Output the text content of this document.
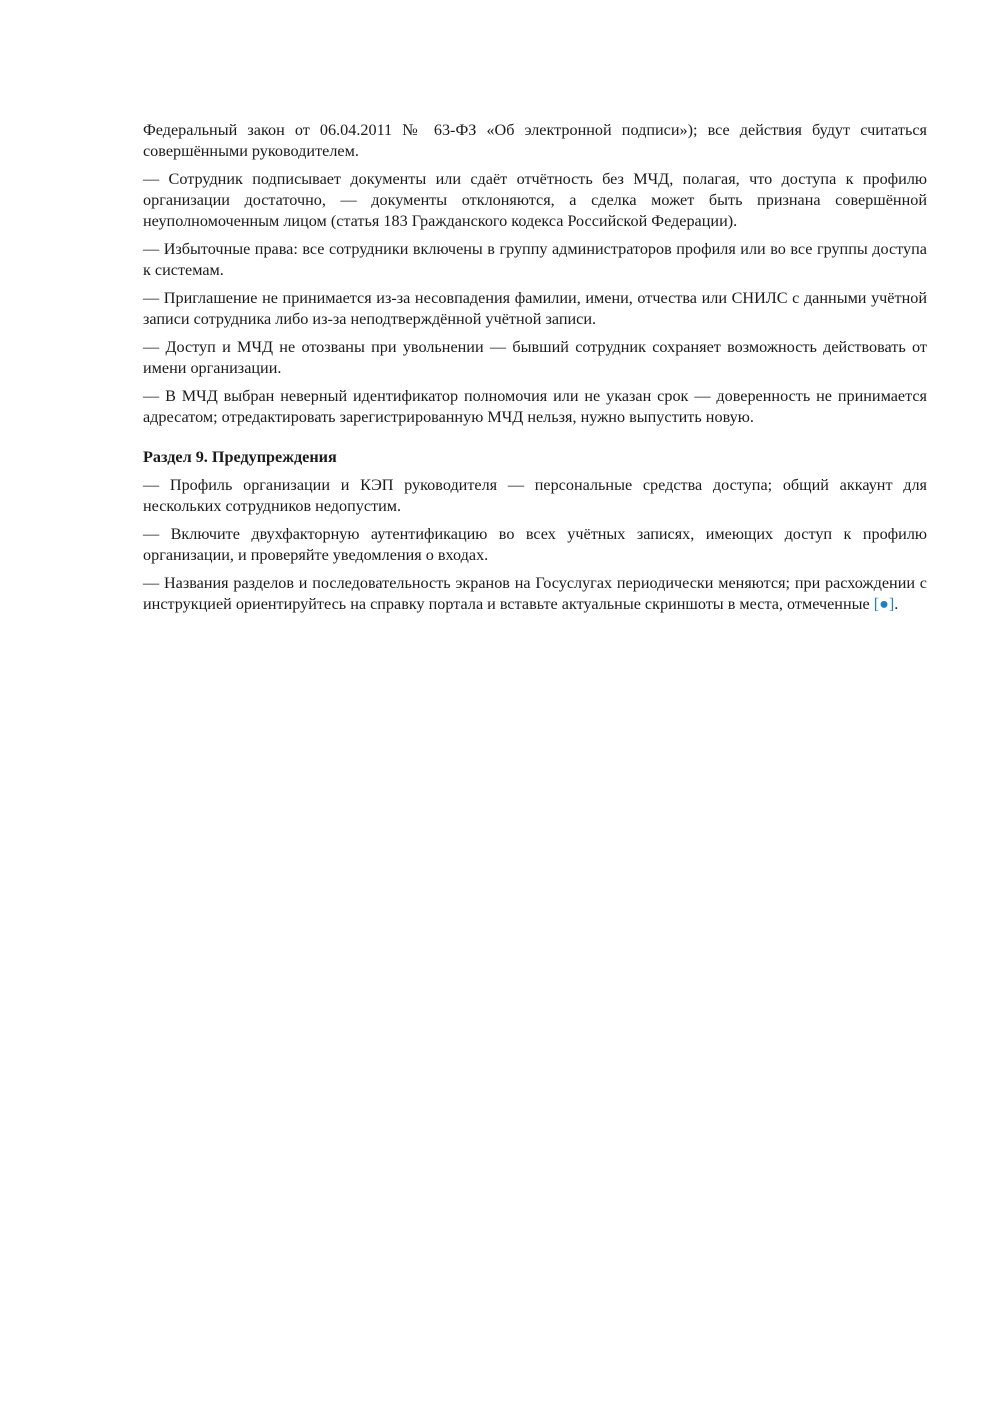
Федеральный закон от 06.04.2011 № 63-ФЗ «Об электронной подписи»); все действия будут считаться совершёнными руководителем.

— Сотрудник подписывает документы или сдаёт отчётность без МЧД, полагая, что доступа к профилю организации достаточно, — документы отклоняются, а сделка может быть признана совершённой неуполномоченным лицом (статья 183 Гражданского кодекса Российской Федерации).

— Избыточные права: все сотрудники включены в группу администраторов профиля или во все группы доступа к системам.

— Приглашение не принимается из-за несовпадения фамилии, имени, отчества или СНИЛС с данными учётной записи сотрудника либо из-за неподтверждённой учётной записи.

— Доступ и МЧД не отозваны при увольнении — бывший сотрудник сохраняет возможность действовать от имени организации.

— В МЧД выбран неверный идентификатор полномочия или не указан срок — доверенность не принимается адресатом; отредактировать зарегистрированную МЧД нельзя, нужно выпустить новую.

Раздел 9. Предупреждения

— Профиль организации и КЭП руководителя — персональные средства доступа; общий аккаунт для нескольких сотрудников недопустим.

— Включите двухфакторную аутентификацию во всех учётных записях, имеющих доступ к профилю организации, и проверяйте уведомления о входах.

— Названия разделов и последовательность экранов на Госуслугах периодически меняются; при расхождении с инструкцией ориентируйтесь на справку портала и вставьте актуальные скриншоты в места, отмеченные [●].
